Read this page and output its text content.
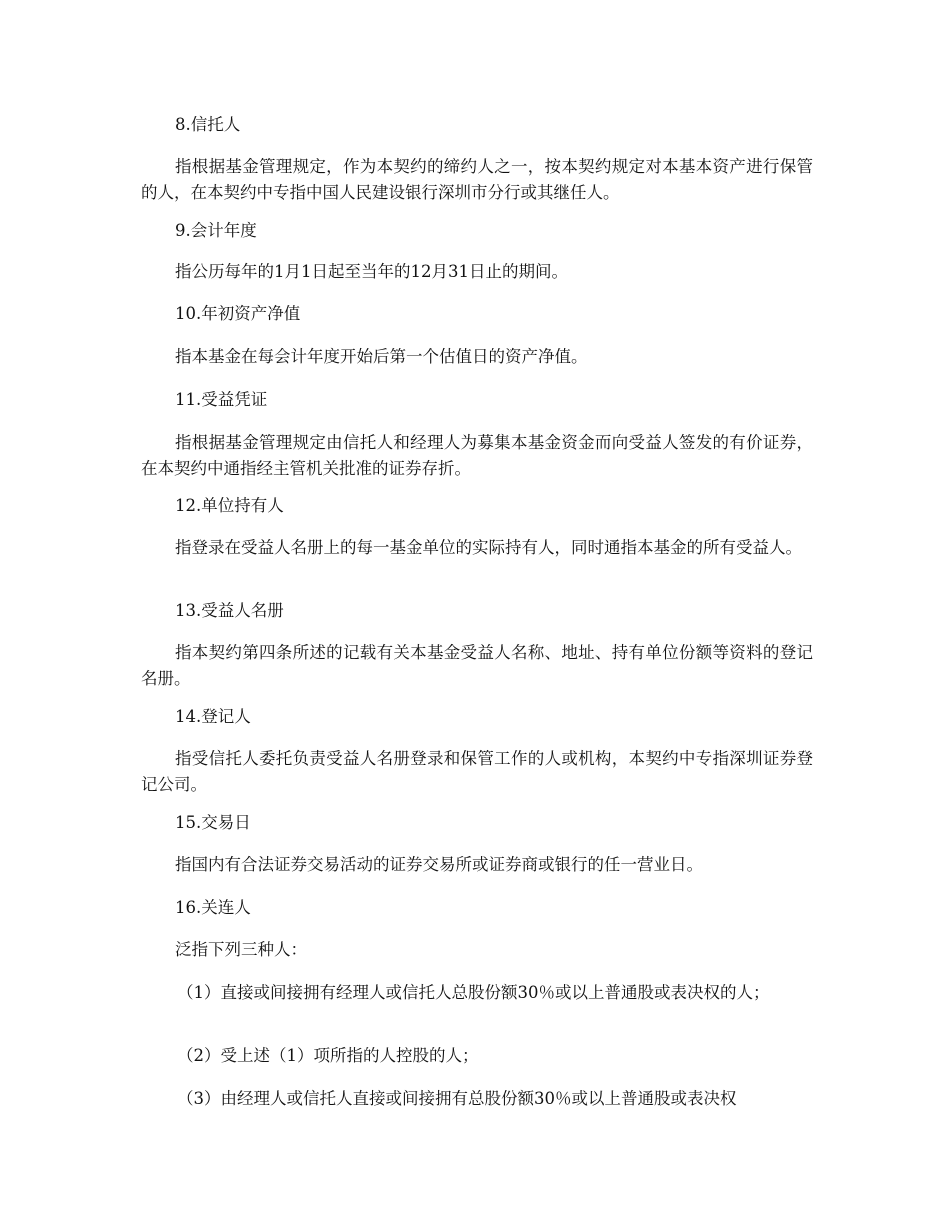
8.信托人

指根据基金管理规定，作为本契约的缔约人之一，按本契约规定对本基本资产进行保管的人，在本契约中专指中国人民建设银行深圳市分行或其继任人。

9.会计年度

指公历每年的1月1日起至当年的12月31日止的期间。

10.年初资产净值

指本基金在每会计年度开始后第一个估值日的资产净值。

11.受益凭证

指根据基金管理规定由信托人和经理人为募集本基金资金而向受益人签发的有价证券，在本契约中通指经主管机关批准的证券存折。

12.单位持有人

指登录在受益人名册上的每一基金单位的实际持有人，同时通指本基金的所有受益人。

13.受益人名册

指本契约第四条所述的记载有关本基金受益人名称、地址、持有单位份额等资料的登记名册。

14.登记人

指受信托人委托负责受益人名册登录和保管工作的人或机构，本契约中专指深圳证券登记公司。

15.交易日

指国内有合法证券交易活动的证券交易所或证券商或银行的任一营业日。

16.关连人

泛指下列三种人：

（1）直接或间接拥有经理人或信托人总股份额30％或以上普通股或表决权的人；

（2）受上述（1）项所指的人控股的人；

（3）由经理人或信托人直接或间接拥有总股份额30％或以上普通股或表决权
